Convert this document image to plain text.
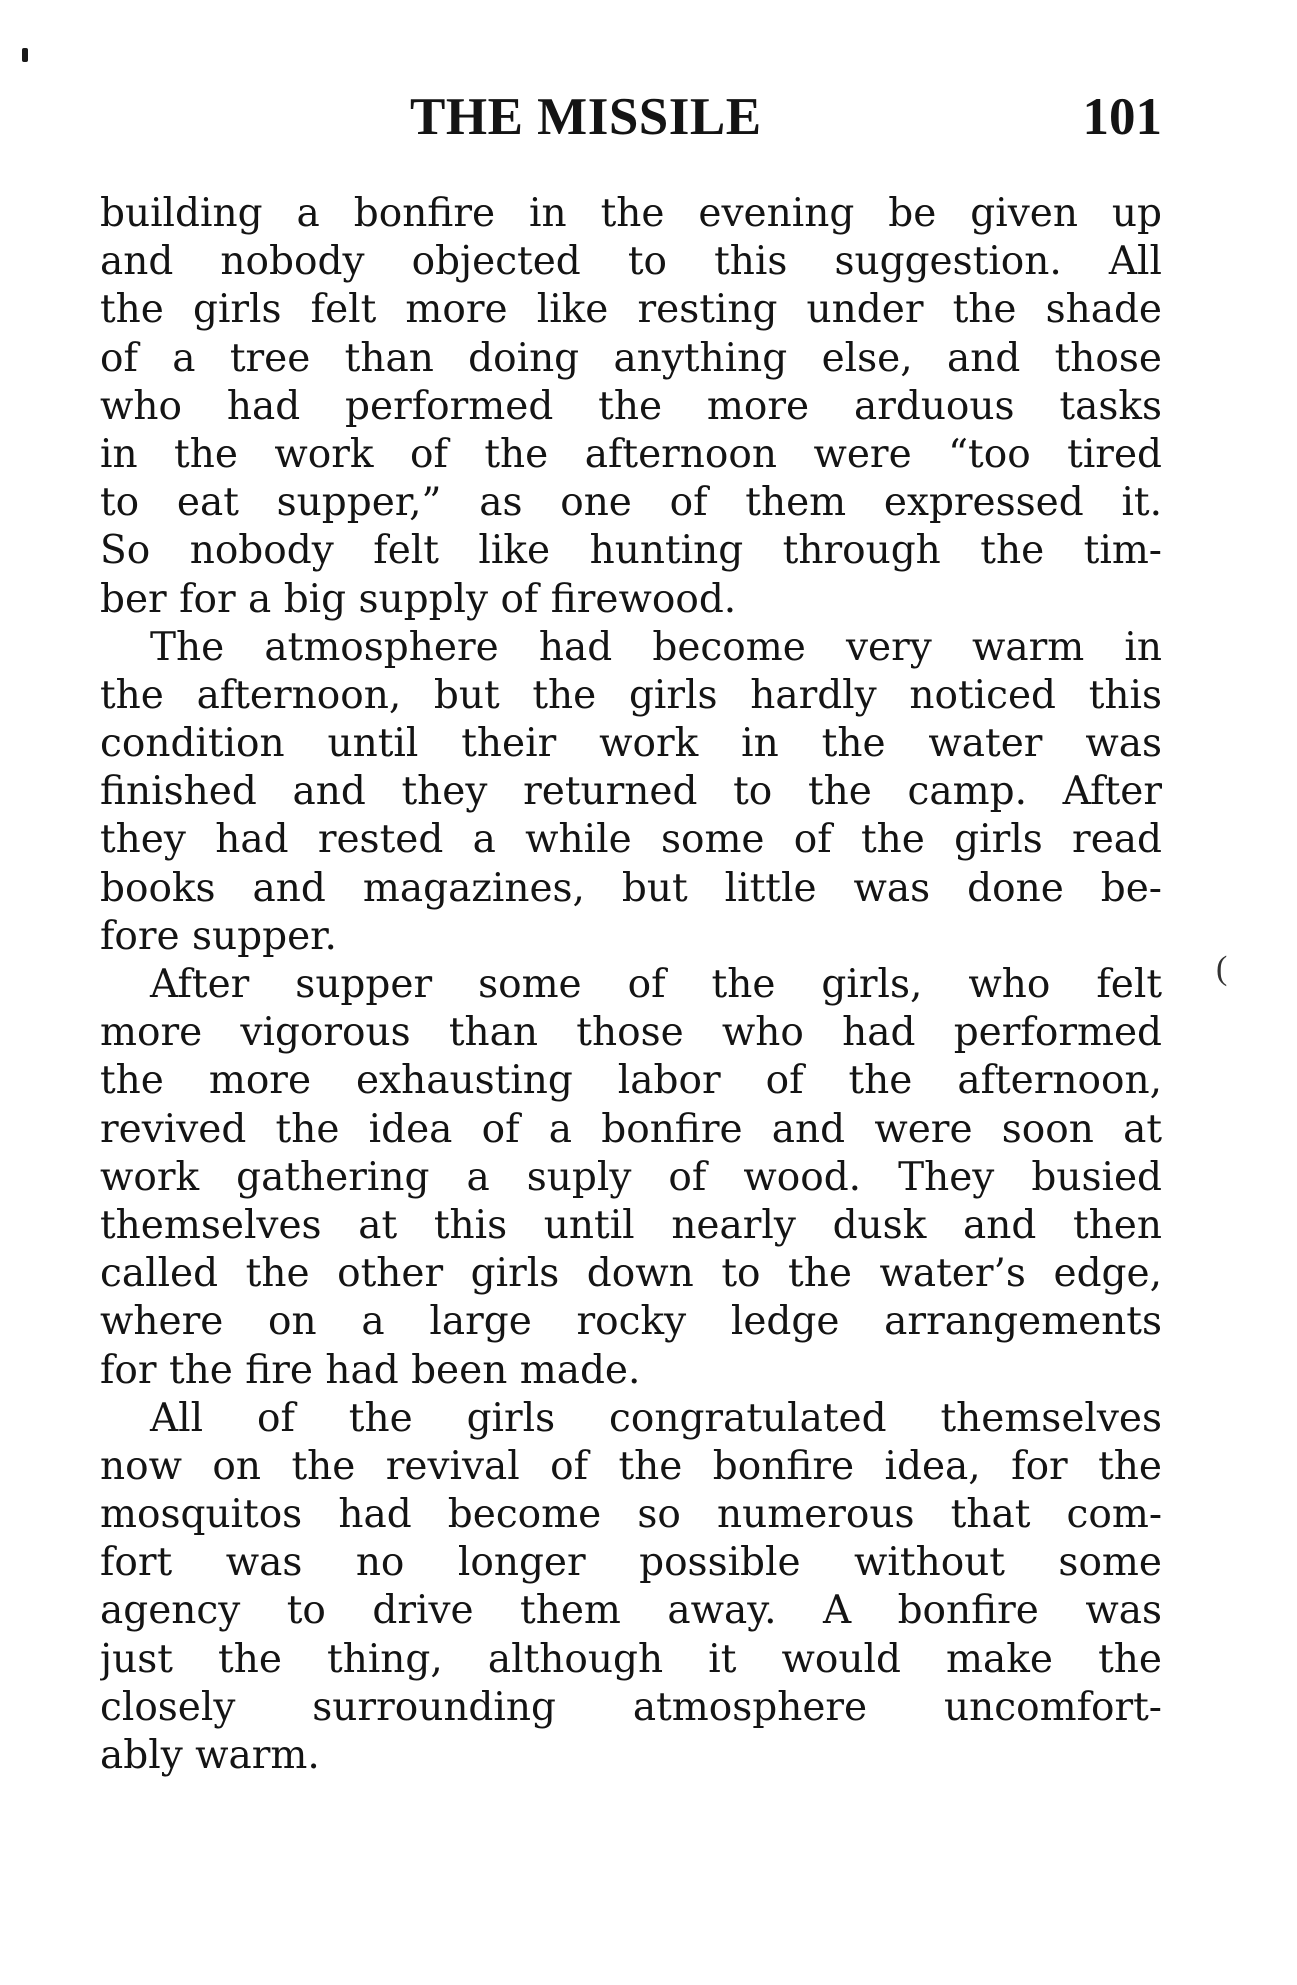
THE MISSILE	101
building a bonfire in the evening be given up
and nobody objected to this suggestion. All
the girls felt more like resting under the shade
of a tree than doing anything else, and those
who had performed the more arduous tasks
in the work of the afternoon were “too tired
to eat supper,” as one of them expressed it.
So nobody felt like hunting through the tim-
ber for a big supply of firewood.
The atmosphere had become very warm in
the afternoon, but the girls hardly noticed this
condition until their work in the water was
finished and they returned to the camp. After
they had rested a while some of the girls read
books and magazines, but little was done be-
fore supper.
After supper some of the girls, who felt
more vigorous than those who had performed
the more exhausting labor of the afternoon,
revived the idea of a bonfire and were soon at
work gathering a suply of wood. They busied
themselves at this until nearly dusk and then
called the other girls down to the water’s edge,
where on a large rocky ledge arrangements
for the fire had been made.
All of the girls congratulated themselves
now on the revival of the bonfire idea, for the
mosquitos had become so numerous that com-
fort was no longer possible without some
agency to drive them away. A bonfire was
just the thing, although it would make the
closely surrounding atmosphere uncomfort-
ably warm.
(
